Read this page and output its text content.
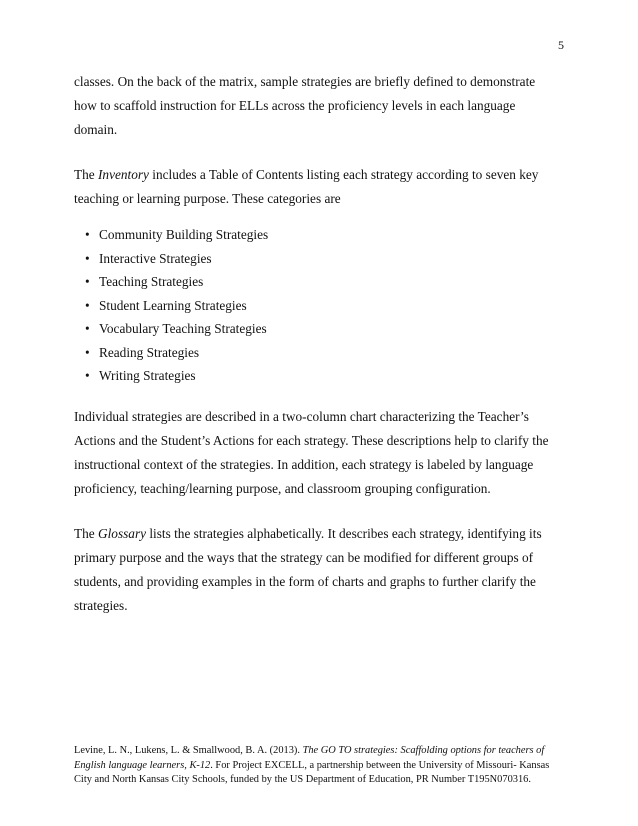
5

classes. On the back of the matrix, sample strategies are briefly defined to demonstrate how to scaffold instruction for ELLs across the proficiency levels in each language domain.

The Inventory includes a Table of Contents listing each strategy according to seven key teaching or learning purpose. These categories are

• Community Building Strategies
• Interactive Strategies
• Teaching Strategies
• Student Learning Strategies
• Vocabulary Teaching Strategies
• Reading Strategies
• Writing Strategies

Individual strategies are described in a two-column chart characterizing the Teacher’s Actions and the Student’s Actions for each strategy. These descriptions help to clarify the instructional context of the strategies. In addition, each strategy is labeled by language proficiency, teaching/learning purpose, and classroom grouping configuration.

The Glossary lists the strategies alphabetically. It describes each strategy, identifying its primary purpose and the ways that the strategy can be modified for different groups of students, and providing examples in the form of charts and graphs to further clarify the strategies.

Levine, L. N., Lukens, L. & Smallwood, B. A. (2013). The GO TO strategies: Scaffolding options for teachers of English language learners, K-12. For Project EXCELL, a partnership between the University of Missouri- Kansas City and North Kansas City Schools, funded by the US Department of Education, PR Number T195N070316.
